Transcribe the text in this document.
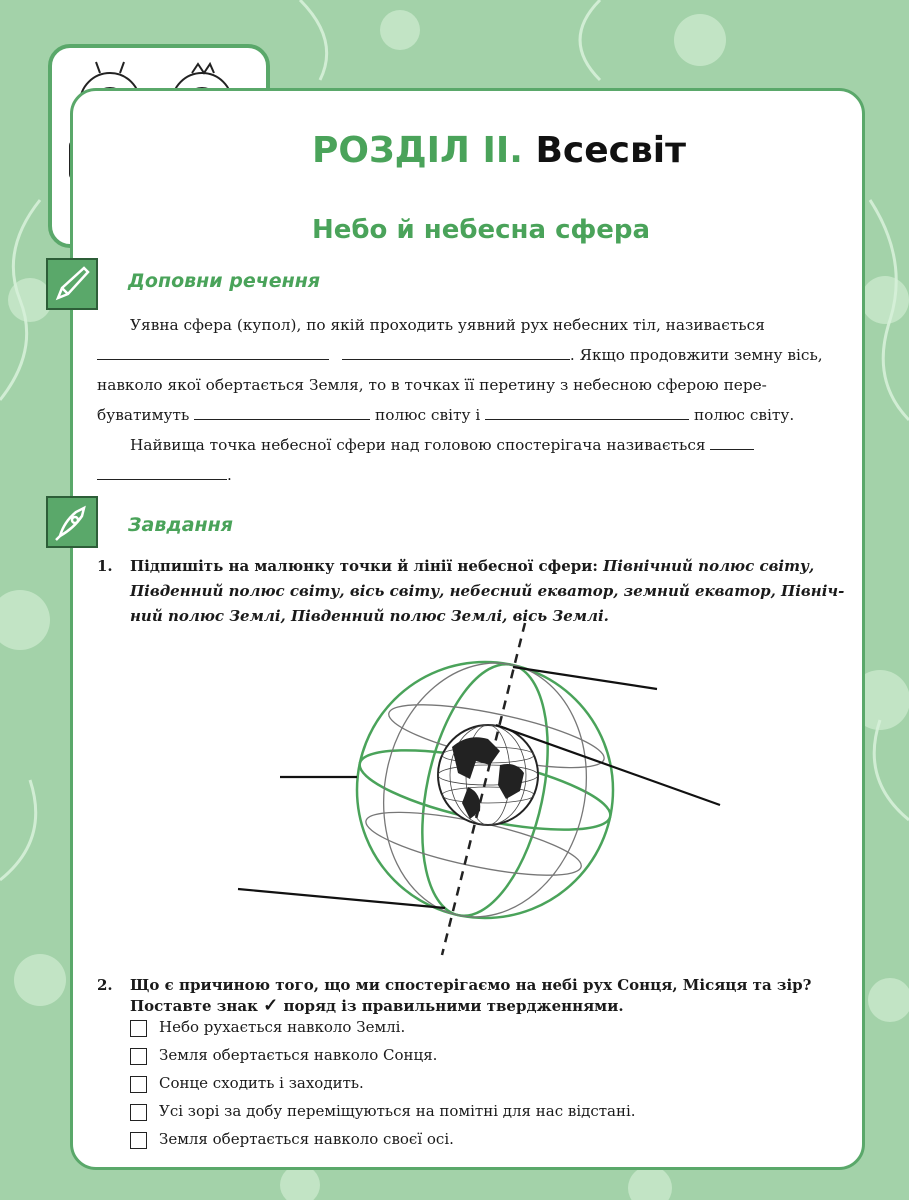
РОЗДІЛ ІІ. Всесвіт
Небо й небесна сфера
Доповни речення
Уявна сфера (купол), по якій проходить уявний рух небесних тіл, називається
. Якщо продовжити земну вісь,
навколо якої обертається Земля, то в точках її перетину з небесною сферою пере-
буватимуть	полюс світу і	полюс світу.
Найвища точка небесної сфери над головою спостерігача називається
.
Завдання
1. Підпишіть на малюнку точки й лінії небесної сфери: Північний полюс світу,
Південний полюс світу, вісь світу, небесний екватор, земний екватор, Північ-
ний полюс Землі, Південний полюс Землі, вісь Землі.
2. Що є причиною того, що ми спостерігаємо на небі рух Сонця, Місяця та зір?
Поставте знак ✓ поряд із правильними твердженнями.
Небо рухається навколо Землі.
Земля обертається навколо Сонця.
Сонце сходить і заходить.
Усі зорі за добу переміщуються на помітні для нас відстані.
Земля обертається навколо своєї осі.
